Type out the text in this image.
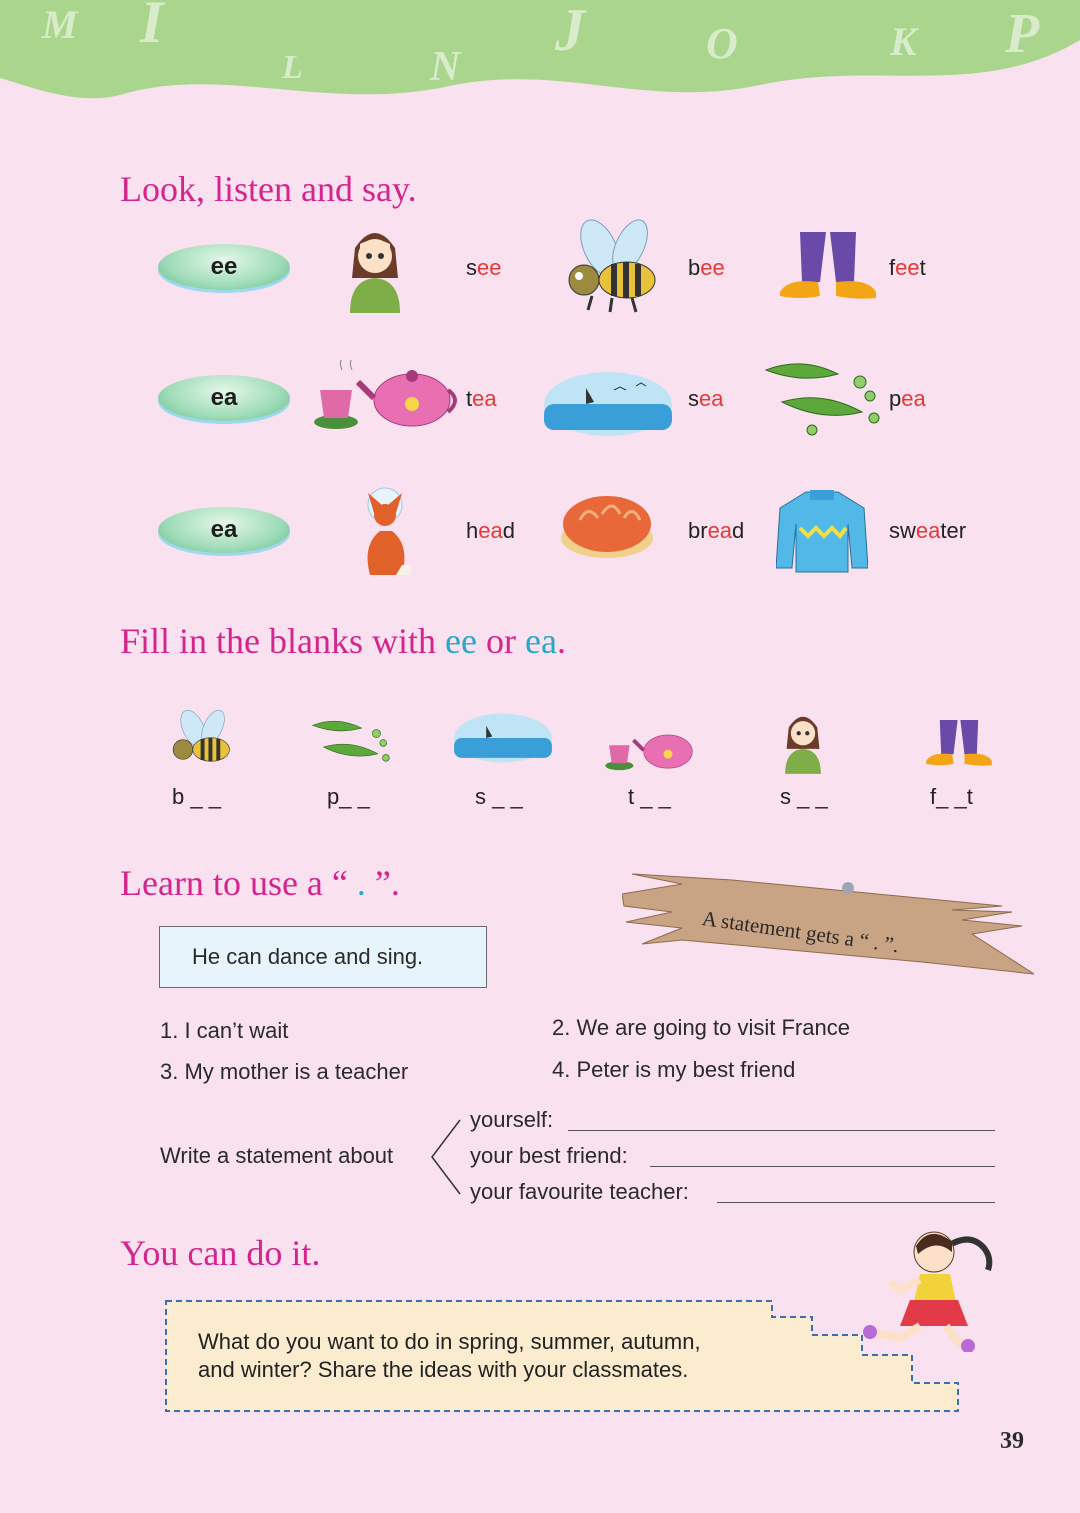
M I
L	N
J	O	K P
Look, listen and say.
ee	see	bee	feet
ea	tea	sea	pea
ea	head	bread	sweater
Fill in the blanks with ee or ea.
b _ _	p_ _	s _ _	t _ _	s _ _	f_ _t
Learn to use a “ . ”.
A statement gets a “ . ”.
He can dance and sing.
1. I can’t wait	2. We are going to visit France
3. My mother is a teacher	4. Peter is my best friend
Write a statement about
yourself:
your best friend:
your favourite teacher:
You can do it.
What do you want to do in spring, summer, autumn,
and winter? Share the ideas with your classmates.
39
